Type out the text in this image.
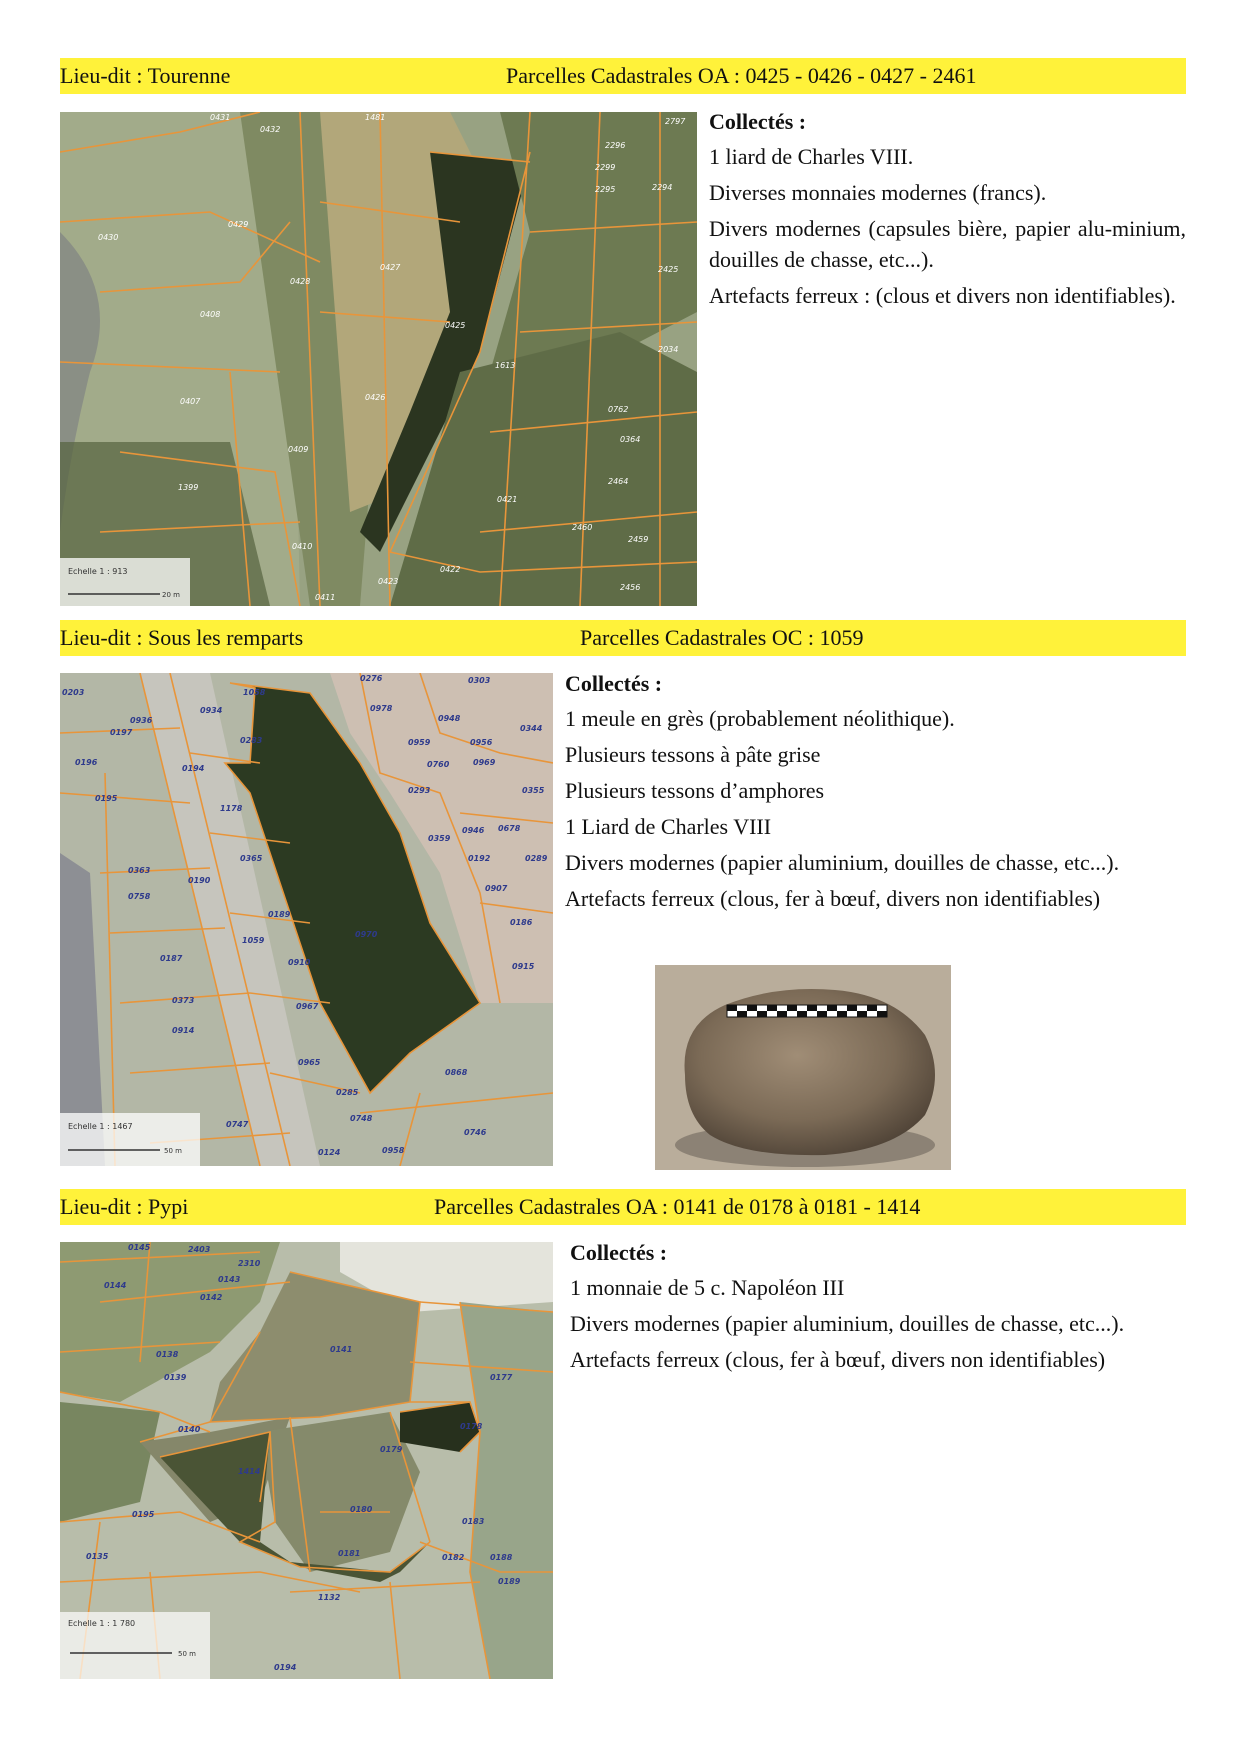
Lieu-dit : Tourenne	Parcelles Cadastrales OA : 0425 - 0426 - 0427 - 2461
0431
0432
1481	2797
2296
2299
2294
2295
0430
0429
0428
0427
0425
1613
2425
0408
2034
0407	0426
0409
0762
1399
0364
2464
0421
2460
0410
2459
0423
0422
2456
0411
Echelle 1 : 913
20 m

Collectés :

1 liard de Charles VIII.

Diverses monnaies modernes (francs).

Divers modernes (capsules bière, papier alu-minium, douilles de chasse, etc...).

Artefacts ferreux : (clous et divers non identifiables).

Lieu-dit : Sous les remparts	Parcelles Cadastrales OC : 1059
0203	1058
0276	0303
0934
0936
0978
0948
0197
0283
0344
0959	0956
0196
0194	0760	0969
0195
1178
0293	0355
0359
0946 0678
0365	0192	0289
0363
0190
0907
0758
0189
0186
0970
1059
0187	0910	0915
0373
0967
0914
0965
0868
0285
0748
0747
0124	0958
0746
Echelle 1 : 1467
50 m

Collectés :

1 meule en grès (probablement néolithique).

Plusieurs tessons à pâte grise

Plusieurs tessons d’amphores

1 Liard de Charles VIII

Divers modernes (papier aluminium, douilles de chasse, etc...).

Artefacts ferreux (clous, fer à bœuf, divers non identifiables)

Lieu-dit : Pypi	Parcelles Cadastrales OA : 0141 de 0178 à 0181 - 1414
0145	2403
2310
0144
0143
0142
0141
0138
0139	0177
0140	0178
0179
1414
0180
0195
0183
0135	0181	0182	0188
0189
1132
0194
Echelle 1 : 1 780
50 m

Collectés :

1 monnaie de 5 c. Napoléon III

Divers modernes (papier aluminium, douilles de chasse, etc...).

Artefacts ferreux (clous, fer à bœuf, divers non identifiables)
